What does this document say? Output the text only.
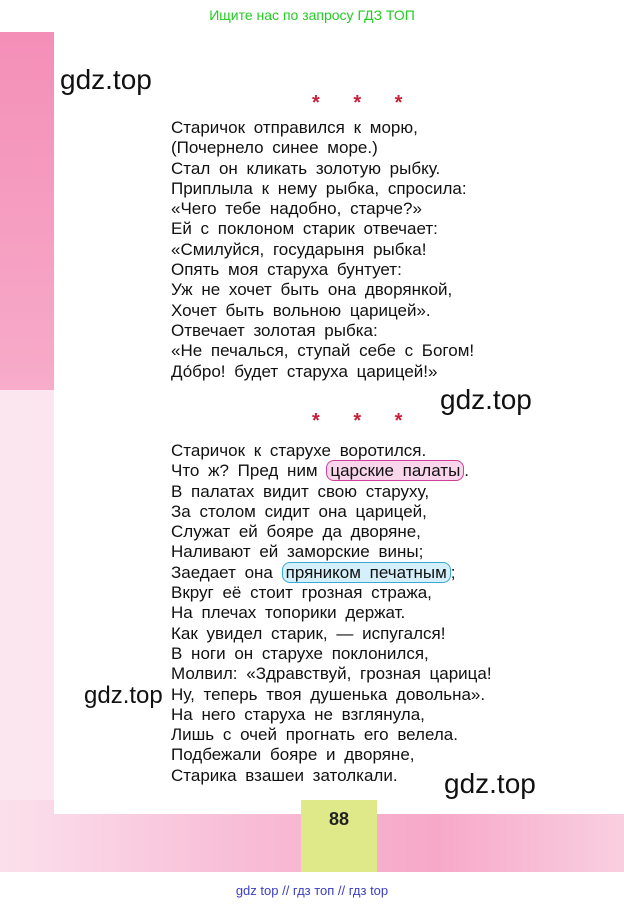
Ищите нас по запросу ГДЗ ТОП
gdz.top
* * *
Старичок отправился к морю,
(Почернело синее море.)
Стал он кликать золотую рыбку.
Приплыла к нему рыбка, спросила:
«Чего тебе надобно, старче?»
Ей с поклоном старик отвечает:
«Смилуйся, государыня рыбка!
Опять моя старуха бунтует:
Уж не хочет быть она дворянкой,
Хочет быть вольною царицей».
Отвечает золотая рыбка:
«Не печалься, ступай себе с Богом!
До́бро! будет старуха царицей!»
gdz.top
* * *
Старичок к старухе воротился.
Что ж? Пред ним царские палаты .
В палатах видит свою старуху,
За столом сидит она царицей,
Служат ей бояре да дворяне,
Наливают ей заморские вины;
Заедает она пряником печатным ;
Вкруг её стоит грозная стража,
На плечах топорики держат.
Как увидел старик, — испугался!
В ноги он старухе поклонился,
Молвил: «Здравствуй, грозная царица!
Ну, теперь твоя душенька довольна».
На него старуха не взглянула,
Лишь с очей прогнать его велела.
Подбежали бояре и дворяне,
Старика взашеи затолкали.
gdz.top
gdz.top
88
gdz top // гдз топ // гдз top
